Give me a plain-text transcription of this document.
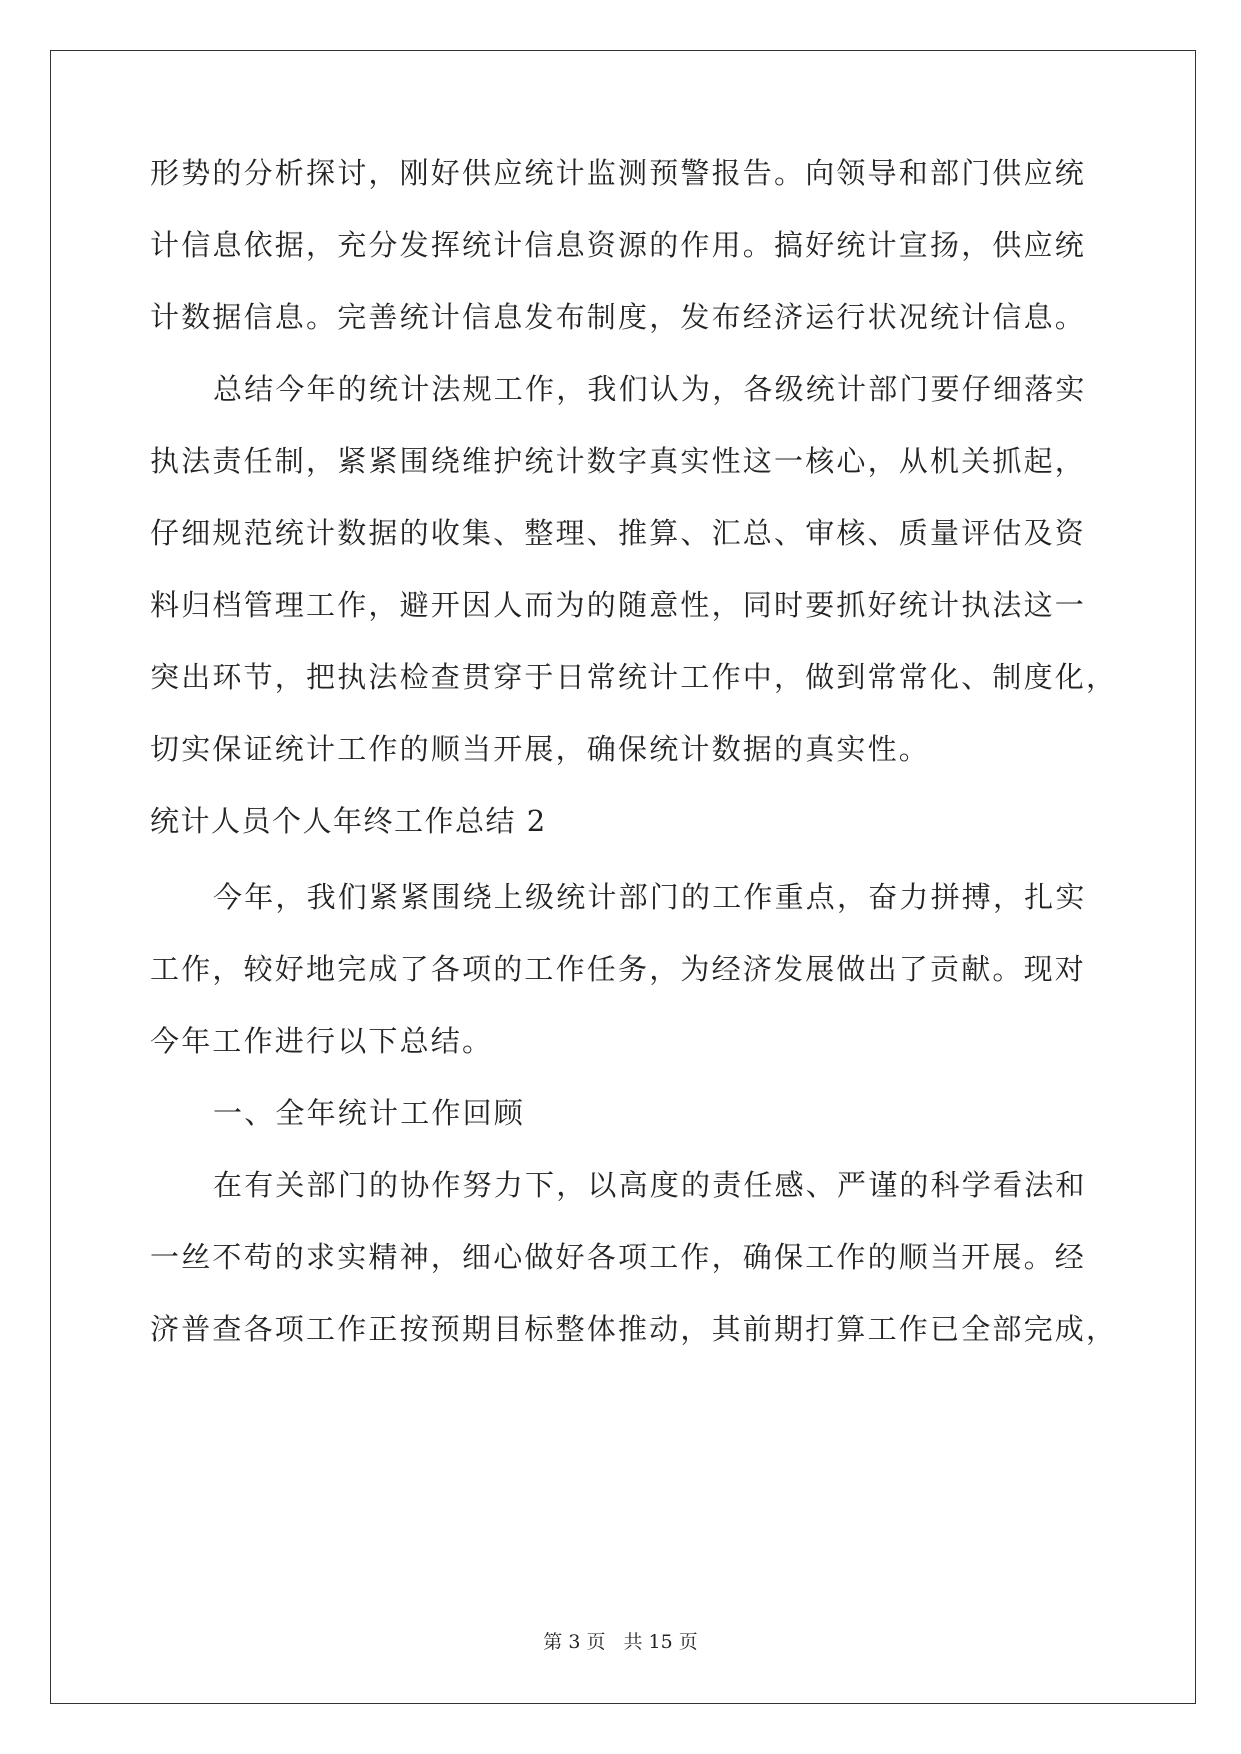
形势的分析探讨，刚好供应统计监测预警报告。向领导和部门供应统
计信息依据，充分发挥统计信息资源的作用。搞好统计宣扬，供应统
计数据信息。完善统计信息发布制度，发布经济运行状况统计信息。
总结今年的统计法规工作，我们认为，各级统计部门要仔细落实
执法责任制，紧紧围绕维护统计数字真实性这一核心，从机关抓起，
仔细规范统计数据的收集、整理、推算、汇总、审核、质量评估及资
料归档管理工作，避开因人而为的随意性，同时要抓好统计执法这一
突出环节，把执法检查贯穿于日常统计工作中，做到常常化、制度化，
切实保证统计工作的顺当开展，确保统计数据的真实性。
统计人员个人年终工作总结 2
今年，我们紧紧围绕上级统计部门的工作重点，奋力拼搏，扎实
工作，较好地完成了各项的工作任务，为经济发展做出了贡献。现对
今年工作进行以下总结。
一、全年统计工作回顾
在有关部门的协作努力下，以高度的责任感、严谨的科学看法和
一丝不苟的求实精神，细心做好各项工作，确保工作的顺当开展。经
济普查各项工作正按预期目标整体推动，其前期打算工作已全部完成，
第 3 页 共 15 页
